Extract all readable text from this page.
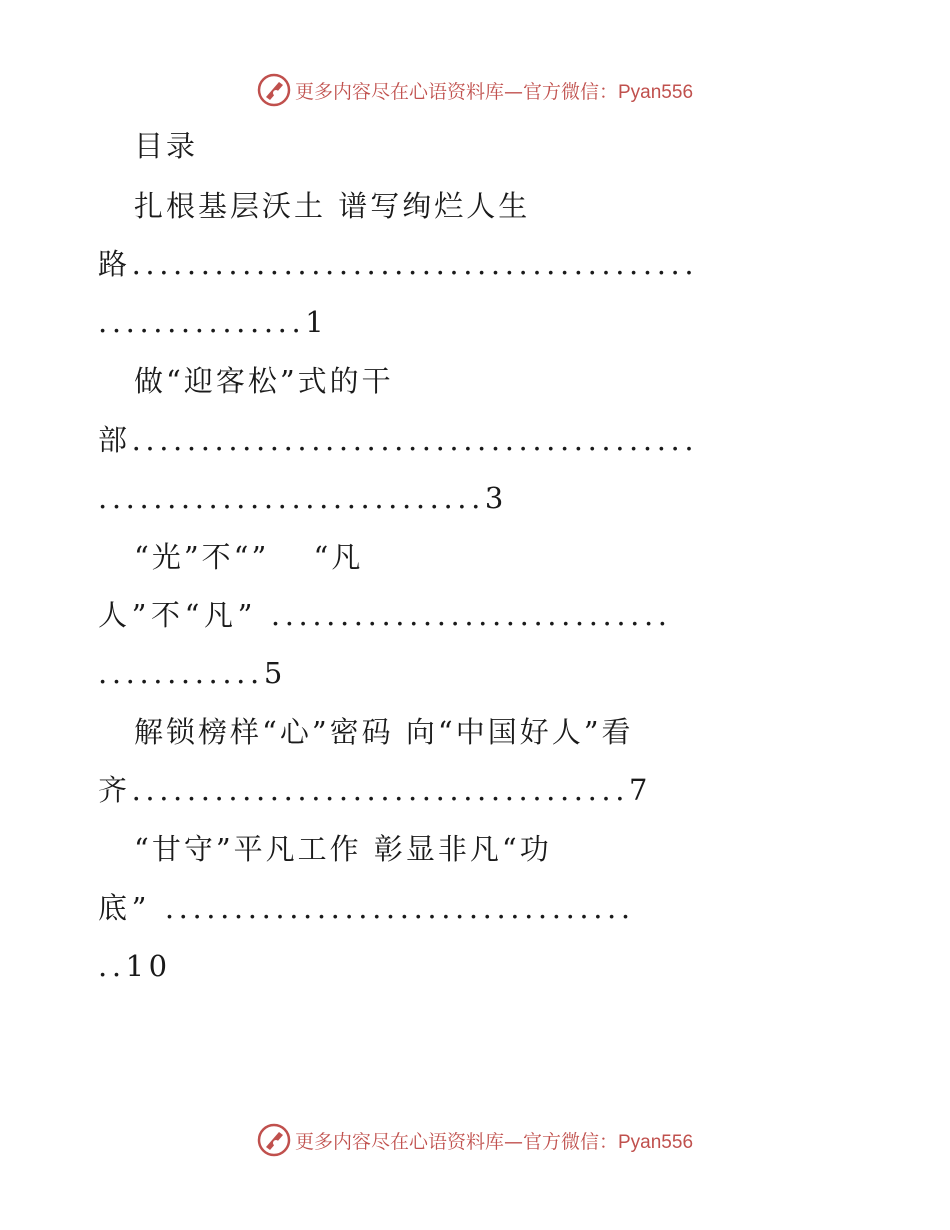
更多内容尽在心语资料库—官方微信：Pyan556
目录
扎根基层沃土 谱写绚烂人生
路.........................................
...............1
做“迎客松”式的干
部.........................................
............................3
“光”不“”　 “凡
人”不“凡” .............................
............5
解锁榜样“心”密码 向“中国好人”看
齐....................................7
“甘守”平凡工作 彰显非凡“功
底” ..................................
..10
更多内容尽在心语资料库—官方微信：Pyan556
